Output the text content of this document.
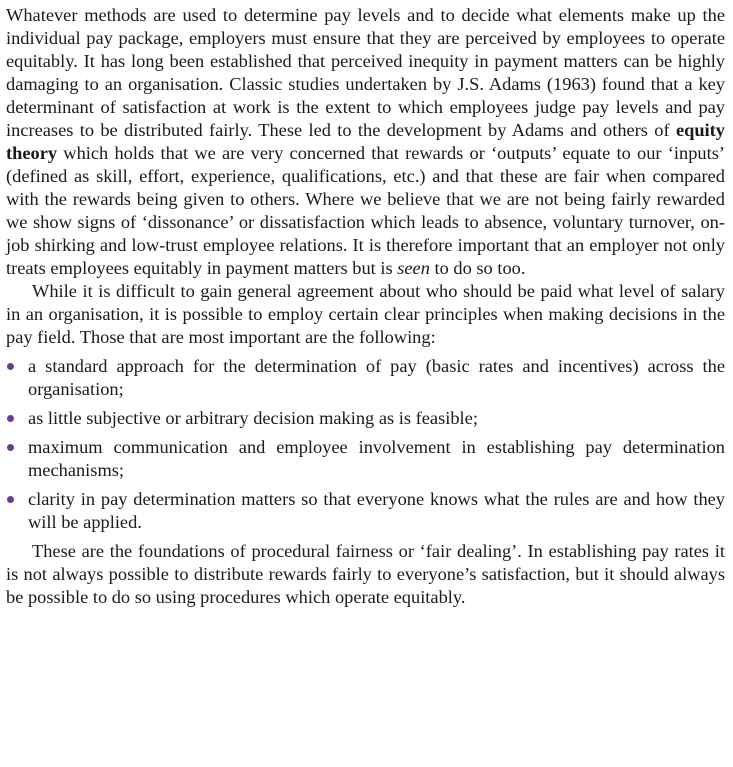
Whatever methods are used to determine pay levels and to decide what elements make up the individual pay package, employers must ensure that they are perceived by employees to operate equitably. It has long been established that perceived inequity in payment matters can be highly damaging to an organisation. Classic studies undertaken by J.S. Adams (1963) found that a key determinant of satisfaction at work is the extent to which employees judge pay levels and pay increases to be distributed fairly. These led to the development by Adams and others of equity theory which holds that we are very concerned that rewards or ‘outputs’ equate to our ‘inputs’ (defined as skill, effort, experience, qualifications, etc.) and that these are fair when compared with the rewards being given to others. Where we believe that we are not being fairly rewarded we show signs of ‘dissonance’ or dissatisfaction which leads to absence, voluntary turnover, on-job shirking and low-trust employee relations. It is therefore important that an employer not only treats employees equitably in payment matters but is seen to do so too.

While it is difficult to gain general agreement about who should be paid what level of salary in an organisation, it is possible to employ certain clear principles when making decisions in the pay field. Those that are most important are the following:

a standard approach for the determination of pay (basic rates and incentives) across the organisation;
as little subjective or arbitrary decision making as is feasible;
maximum communication and employee involvement in establishing pay determination mechanisms;
clarity in pay determination matters so that everyone knows what the rules are and how they will be applied.

These are the foundations of procedural fairness or ‘fair dealing’. In establishing pay rates it is not always possible to distribute rewards fairly to everyone’s satisfaction, but it should always be possible to do so using procedures which operate equitably.
